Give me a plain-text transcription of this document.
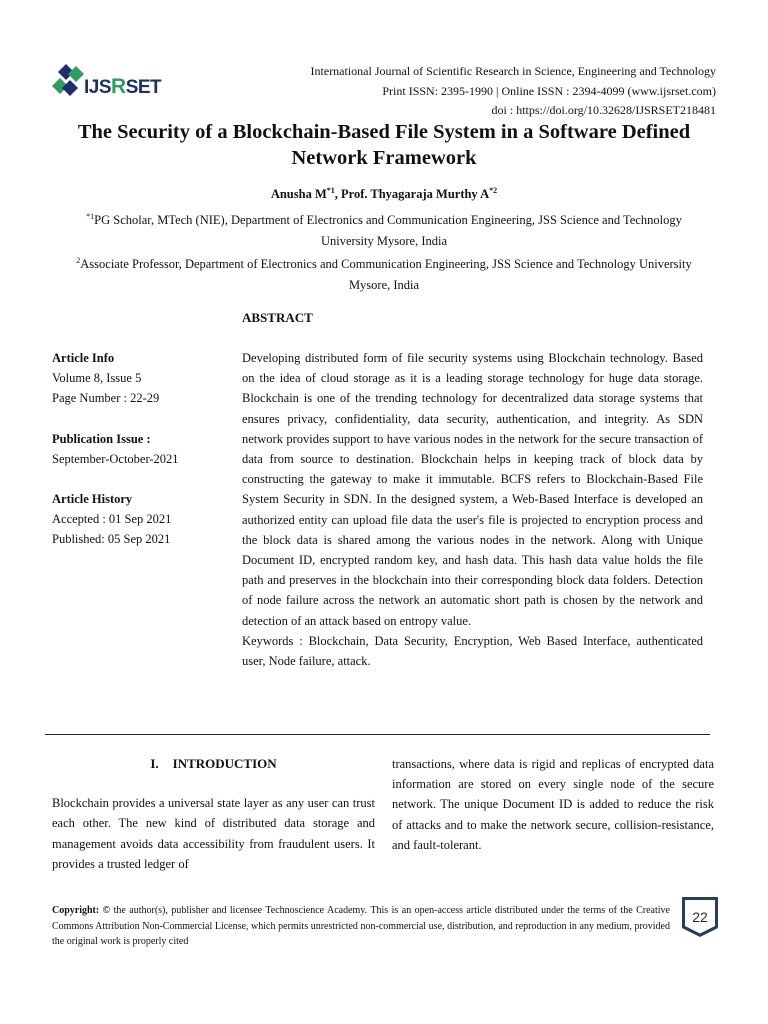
IJSRSET
International Journal of Scientific Research in Science, Engineering and Technology
Print ISSN: 2395-1990 | Online ISSN : 2394-4099 (www.ijsrset.com)
doi : https://doi.org/10.32628/IJSRSET218481
The Security of a Blockchain-Based File System in a Software Defined Network Framework
Anusha $M^{*1}$, Prof. Thyagaraja Murthy $A^{*2}$
$^{*1}$PG Scholar, MTech (NIE), Department of Electronics and Communication Engineering, JSS Science and Technology University Mysore, India
$^2$Associate Professor, Department of Electronics and Communication Engineering, JSS Science and Technology University Mysore, India
ABSTRACT
Article Info
Volume 8, Issue 5
Page Number : 22-29
Publication Issue :
September-October-2021
Article History
Accepted : 01 Sep 2021
Published: 05 Sep 2021
Developing distributed form of file security systems using Blockchain technology. Based on the idea of cloud storage as it is a leading storage technology for huge data storage. Blockchain is one of the trending technology for decentralized data storage systems that ensures privacy, confidentiality, data security, authentication, and integrity. As SDN network provides support to have various nodes in the network for the secure transaction of data from source to destination. Blockchain helps in keeping track of block data by constructing the gateway to make it immutable. BCFS refers to Blockchain-Based File System Security in SDN. In the designed system, a Web-Based Interface is developed an authorized entity can upload file data the user's file is projected to encryption process and the block data is shared among the various nodes in the network. Along with Unique Document ID, encrypted random key, and hash data. This hash data value holds the file path and preserves in the blockchain into their corresponding block data folders. Detection of node failure across the network an automatic short path is chosen by the network and detection of an attack based on entropy value.
Keywords : Blockchain, Data Security, Encryption, Web Based Interface, authenticated user, Node failure, attack.
I. INTRODUCTION
Blockchain provides a universal state layer as any user can trust each other. The new kind of distributed data storage and management avoids data accessibility from fraudulent users. It provides a trusted ledger of
transactions, where data is rigid and replicas of encrypted data information are stored on every single node of the secure network. The unique Document ID is added to reduce the risk of attacks and to make the network secure, collision-resistance, and fault-tolerant.
Copyright: © the author(s), publisher and licensee Technoscience Academy. This is an open-access article distributed under the terms of the Creative Commons Attribution Non-Commercial License, which permits unrestricted non-commercial use, distribution, and reproduction in any medium, provided the original work is properly cited
22
